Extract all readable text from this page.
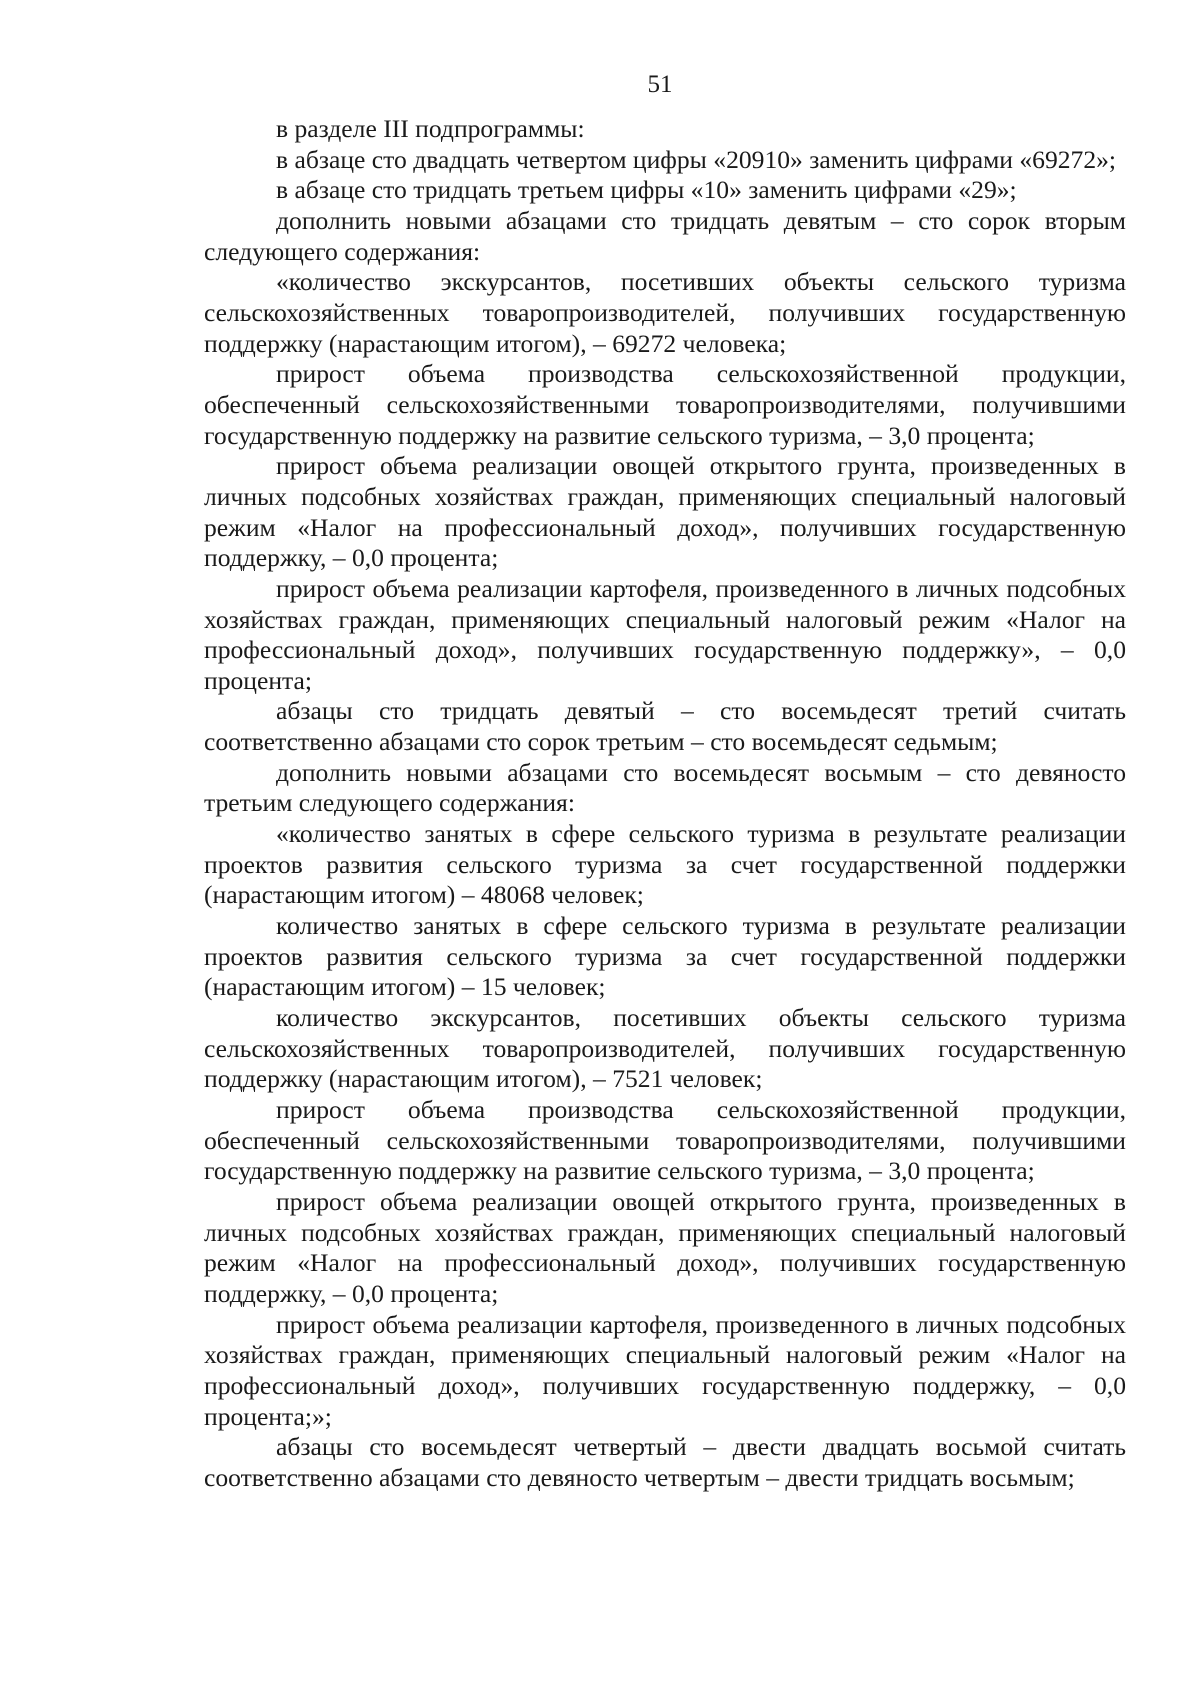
51

в разделе III подпрограммы:

в абзаце сто двадцать четвертом цифры «20910» заменить цифрами «69272»;

в абзаце сто тридцать третьем цифры «10» заменить цифрами «29»;

дополнить новыми абзацами сто тридцать девятым – сто сорок вторым следующего содержания:

«количество экскурсантов, посетивших объекты сельского туризма сельскохозяйственных товаропроизводителей, получивших государственную поддержку (нарастающим итогом), – 69272 человека;

прирост объема производства сельскохозяйственной продукции, обеспеченный сельскохозяйственными товаропроизводителями, получившими государственную поддержку на развитие сельского туризма, – 3,0 процента;

прирост объема реализации овощей открытого грунта, произведенных в личных подсобных хозяйствах граждан, применяющих специальный налоговый режим «Налог на профессиональный доход», получивших государственную поддержку, – 0,0 процента;

прирост объема реализации картофеля, произведенного в личных подсобных хозяйствах граждан, применяющих специальный налоговый режим «Налог на профессиональный доход», получивших государственную поддержку», – 0,0 процента;

абзацы сто тридцать девятый – сто восемьдесят третий считать соответственно абзацами сто сорок третьим – сто восемьдесят седьмым;

дополнить новыми абзацами сто восемьдесят восьмым – сто девяносто третьим следующего содержания:

«количество занятых в сфере сельского туризма в результате реализации проектов развития сельского туризма за счет государственной поддержки (нарастающим итогом) – 48068 человек;

количество занятых в сфере сельского туризма в результате реализации проектов развития сельского туризма за счет государственной поддержки (нарастающим итогом) – 15 человек;

количество экскурсантов, посетивших объекты сельского туризма сельскохозяйственных товаропроизводителей, получивших государственную поддержку (нарастающим итогом), – 7521 человек;

прирост объема производства сельскохозяйственной продукции, обеспеченный сельскохозяйственными товаропроизводителями, получившими государственную поддержку на развитие сельского туризма, – 3,0 процента;

прирост объема реализации овощей открытого грунта, произведенных в личных подсобных хозяйствах граждан, применяющих специальный налоговый режим «Налог на профессиональный доход», получивших государственную поддержку, – 0,0 процента;

прирост объема реализации картофеля, произведенного в личных подсобных хозяйствах граждан, применяющих специальный налоговый режим «Налог на профессиональный доход», получивших государственную поддержку, – 0,0 процента;»;

абзацы сто восемьдесят четвертый – двести двадцать восьмой считать соответственно абзацами сто девяносто четвертым – двести тридцать восьмым;
